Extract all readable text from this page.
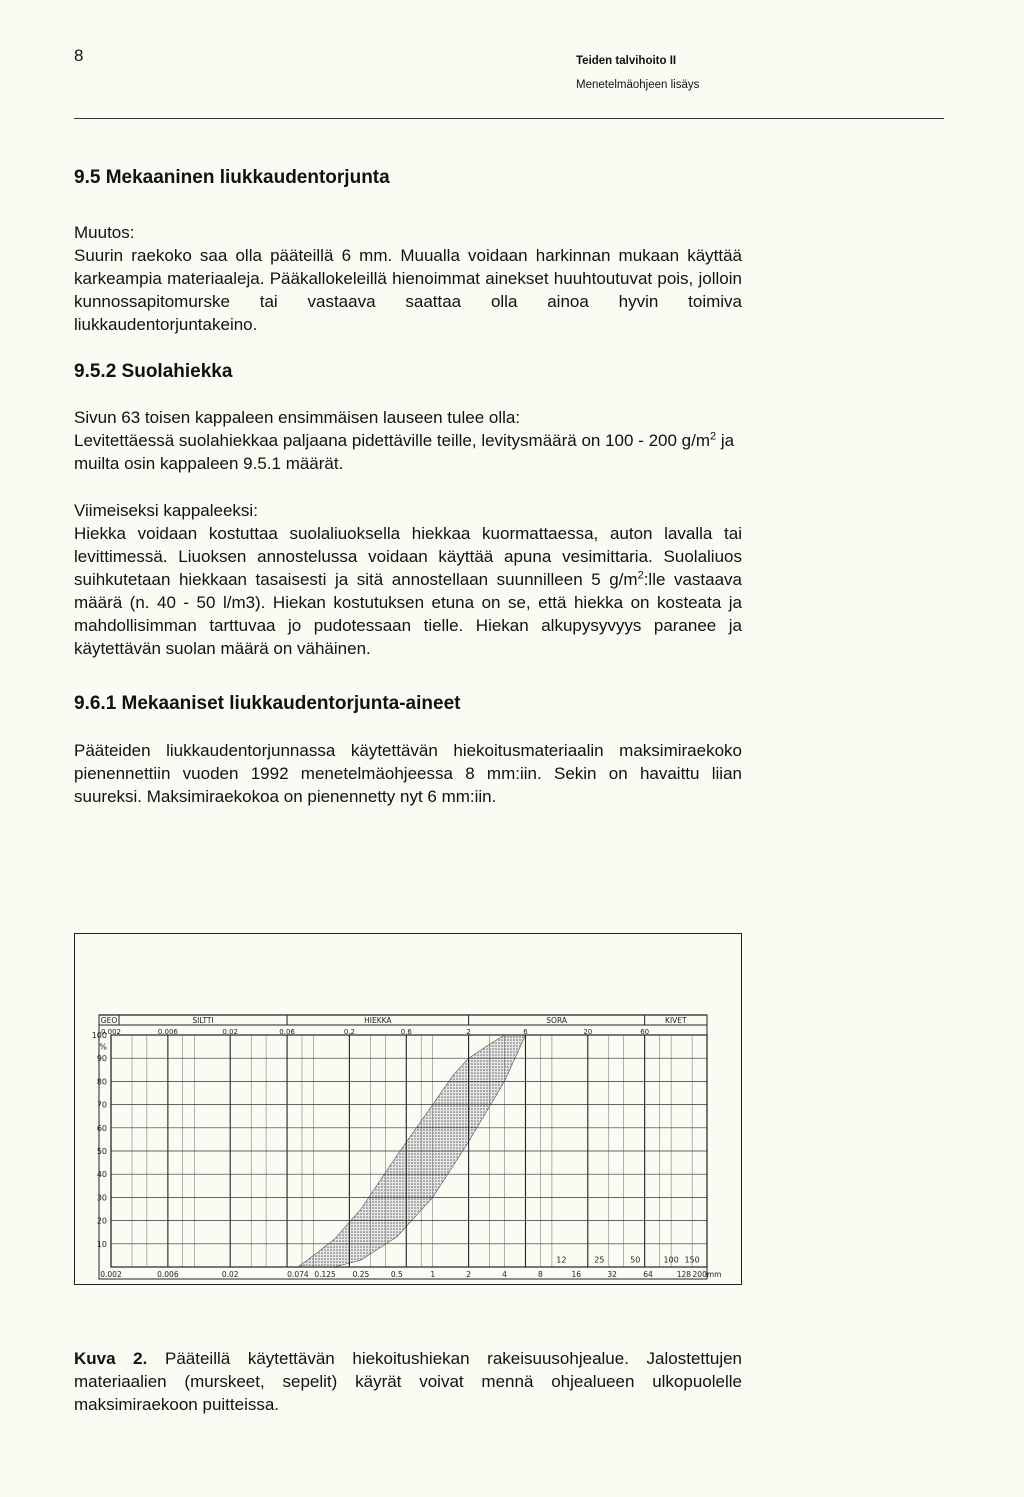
8	Teiden talvihoito II
Menetelmäohjeen lisäys
9.5 Mekaaninen liukkaudentorjunta

Muutos:

Suurin raekoko saa olla pääteillä 6 mm. Muualla voidaan harkinnan mukaan käyttää karkeampia materiaaleja. Pääkallokeleillä hienoimmat ainekset huuhtoutuvat pois, jolloin kunnossapitomurske tai vastaava saattaa olla ainoa hyvin toimiva liukkaudentorjuntakeino.

9.5.2 Suolahiekka

Sivun 63 toisen kappaleen ensimmäisen lauseen tulee olla:

Levitettäessä suolahiekkaa paljaana pidettäville teille, levitysmäärä on 100 - 200 $g/m^2$ ja muilta osin kappaleen 9.5.1 määrät.

Viimeiseksi kappaleeksi:

Hiekka voidaan kostuttaa suolaliuoksella hiekkaa kuormattaessa, auton lavalla tai levittimessä. Liuoksen annostelussa voidaan käyttää apuna vesimittaria. Suolaliuos suihkutetaan hiekkaan tasaisesti ja sitä annostellaan suunnilleen 5 $g/m^2:lle$ vastaava määrä (n. 40 - 50 l/m3). Hiekan kostutuksen etuna on se, että hiekka on kosteata ja mahdollisimman tarttuvaa jo pudotessaan tielle. Hiekan alkupysyvyys paranee ja käytettävän suolan määrä on vähäinen.

9.6.1 Mekaaniset liukkaudentorjunta-aineet

Pääteiden liukkaudentorjunnassa käytettävän hiekoitusmateriaalin maksimiraekoko pienennettiin vuoden 1992 menetelmäohjeessa 8 mm:iin. Sekin on havaittu liian suureksi. Maksimiraekokoa on pienennetty nyt 6 mm:iin.

GEO	SILTTI	HIEKKA	SORA	KIVET
0.002	0.006	0.02	0.06	0.2	0.6	2	6	20	60
100
90
80
70
60
50
40
30
20
10
%
0.002	0.006	0.02	0.074 0.125 0.25	0.5	1	2	4	8	16	32	64	128 200mm
12	25	50	100 150
Kuva 2. Pääteillä käytettävän hiekoitushiekan rakeisuusohjealue. Jalostettujen materiaalien (murskeet, sepelit) käyrät voivat mennä ohjealueen ulkopuolelle maksimiraekoon puitteissa.
